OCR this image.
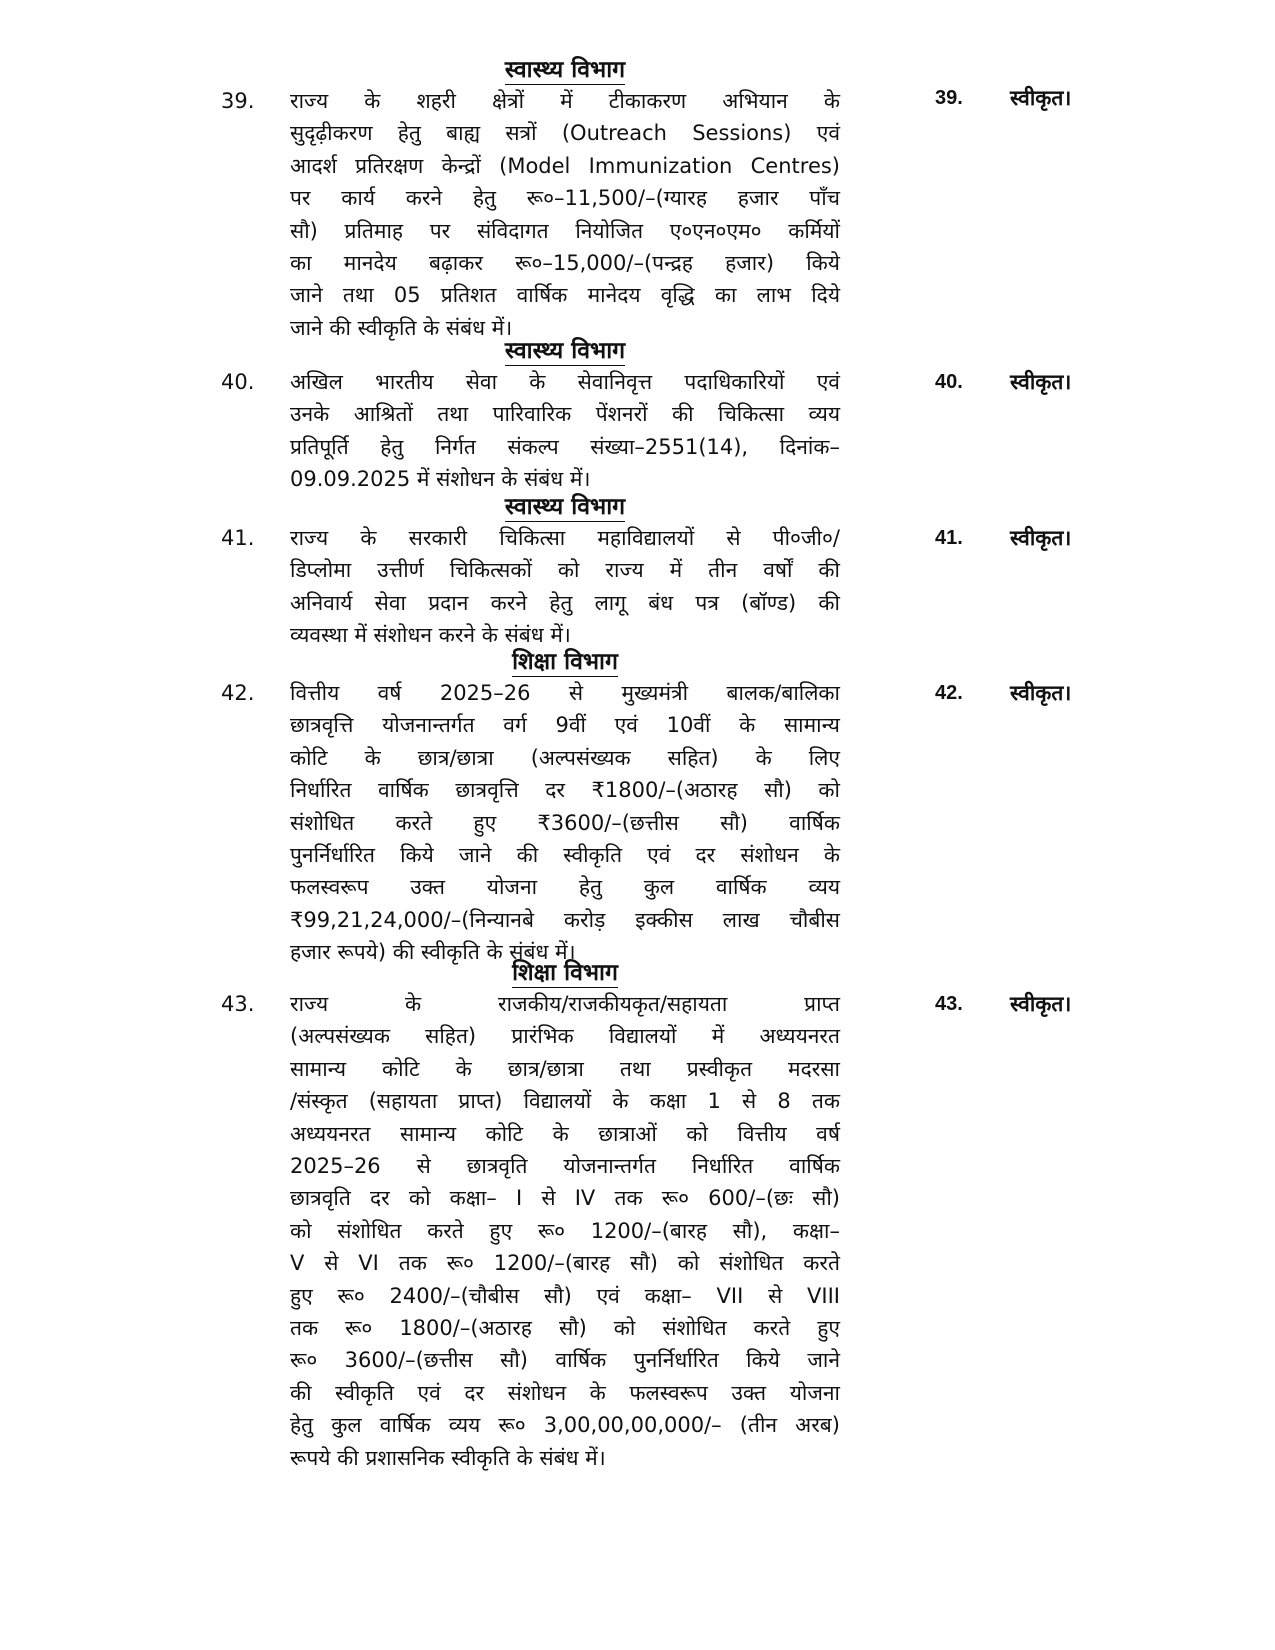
स्वास्थ्य विभाग
39. राज्य के शहरी क्षेत्रों में टीकाकरण अभियान के
सुदृढ़ीकरण हेतु बाह्य सत्रों (Outreach Sessions) एवं
आदर्श प्रतिरक्षण केन्द्रों (Model Immunization Centres)
पर कार्य करने हेतु रू०–11,500/–(ग्यारह हजार पाँच
सौ) प्रतिमाह पर संविदागत नियोजित ए०एन०एम० कर्मियों
का मानदेय बढ़ाकर रू०–15,000/–(पन्द्रह हजार) किये
जाने तथा 05 प्रतिशत वार्षिक मानेदय वृद्धि का लाभ दिये
जाने की स्वीकृति के संबंध में।
39. स्वीकृत।
स्वास्थ्य विभाग
40. अखिल भारतीय सेवा के सेवानिवृत्त पदाधिकारियों एवं
उनके आश्रितों तथा पारिवारिक पेंशनरों की चिकित्सा व्यय
प्रतिपूर्ति हेतु निर्गत संकल्प संख्या–2551(14), दिनांक–
09.09.2025 में संशोधन के संबंध में।
40. स्वीकृत।
स्वास्थ्य विभाग
41. राज्य के सरकारी चिकित्सा महाविद्यालयों से पी०जी०/
डिप्लोमा उत्तीर्ण चिकित्सकों को राज्य में तीन वर्षों की
अनिवार्य सेवा प्रदान करने हेतु लागू बंध पत्र (बॉण्ड) की
व्यवस्था में संशोधन करने के संबंध में।
41. स्वीकृत।
शिक्षा विभाग
42. वित्तीय वर्ष 2025–26 से मुख्यमंत्री बालक/बालिका
छात्रवृत्ति योजनान्तर्गत वर्ग 9वीं एवं 10वीं के सामान्य
कोटि के छात्र/छात्रा (अल्पसंख्यक सहित) के लिए
निर्धारित वार्षिक छात्रवृत्ति दर ₹1800/–(अठारह सौ) को
संशोधित करते हुए ₹3600/–(छत्तीस सौ) वार्षिक
पुनर्निर्धारित किये जाने की स्वीकृति एवं दर संशोधन के
फलस्वरूप उक्त योजना हेतु कुल वार्षिक व्यय
₹99,21,24,000/–(निन्यानबे करोड़ इक्कीस लाख चौबीस
हजार रूपये) की स्वीकृति के संबंध में।
42. स्वीकृत।
शिक्षा विभाग
43. राज्य के राजकीय/राजकीयकृत/सहायता प्राप्त
(अल्पसंख्यक सहित) प्रारंभिक विद्यालयों में अध्ययनरत
सामान्य कोटि के छात्र/छात्रा तथा प्रस्वीकृत मदरसा
/संस्कृत (सहायता प्राप्त) विद्यालयों के कक्षा 1 से 8 तक
अध्ययनरत सामान्य कोटि के छात्राओं को वित्तीय वर्ष
2025–26 से छात्रवृति योजनान्तर्गत निर्धारित वार्षिक
छात्रवृति दर को कक्षा– I से IV तक रू० 600/–(छः सौ)
को संशोधित करते हुए रू० 1200/–(बारह सौ), कक्षा–
V से VI तक रू० 1200/–(बारह सौ) को संशोधित करते
हुए रू० 2400/–(चौबीस सौ) एवं कक्षा– VII से VIII
तक रू० 1800/–(अठारह सौ) को संशोधित करते हुए
रू० 3600/–(छत्तीस सौ) वार्षिक पुनर्निर्धारित किये जाने
की स्वीकृति एवं दर संशोधन के फलस्वरूप उक्त योजना
हेतु कुल वार्षिक व्यय रू० 3,00,00,00,000/– (तीन अरब)
रूपये की प्रशासनिक स्वीकृति के संबंध में।
43. स्वीकृत।
